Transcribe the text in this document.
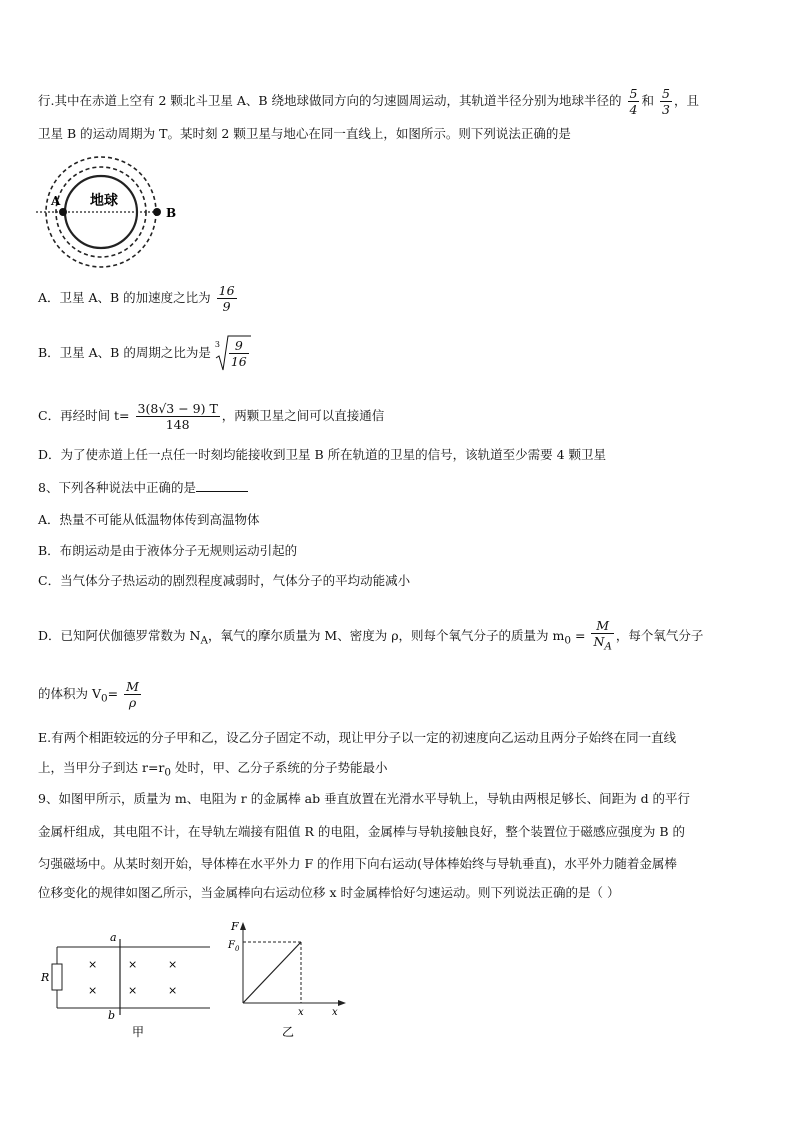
行.其中在赤道上空有 2 颗北斗卫星 A、B 绕地球做同方向的匀速圆周运动，其轨道半径分别为地球半径的 $\frac{5}{4}$ 和 $\frac{5}{3}$ ，且
卫星 B 的运动周期为 T。某时刻 2 颗卫星与地心在同一直线上，如图所示。则下列说法正确的是
地球
A
B
A．卫星 A、B 的加速度之比为 $\frac{16}{9}$
B．卫星 A、B 的周期之比为是
$3 \frac{9}{16}$
C．再经时间 $t= \frac{3(8√3 - 9) T}{148}$ ，两颗卫星之间可以直接通信
D．为了使赤道上任一点任一时刻均能接收到卫星 B 所在轨道的卫星的信号，该轨道至少需要 4 颗卫星
8、下列各种说法中正确的是
A．热量不可能从低温物体传到高温物体
B．布朗运动是由于液体分子无规则运动引起的
C．当气体分子热运动的剧烈程度减弱时，气体分子的平均动能减小
D．已知阿伏伽德罗常数为 $N_A$，氧气的摩尔质量为 M、密度为 ρ，则每个氧气分子的质量为 $m_0 = \frac{M}{N_A}$ ，每个氧气分子
的体积为 $V_0= \frac{M}{\rho}$
E.有两个相距较远的分子甲和乙，设乙分子固定不动，现让甲分子以一定的初速度向乙运动且两分子始终在同一直线
上，当甲分子到达 $r=r_0$ 处时，甲、乙分子系统的分子势能最小
9、如图甲所示，质量为 m、电阻为 r 的金属棒 ab 垂直放置在光滑水平导轨上，导轨由两根足够长、间距为 d 的平行
金属杆组成，其电阻不计，在导轨左端接有阻值 R 的电阻，金属棒与导轨接触良好，整个装置位于磁感应强度为 B 的
匀强磁场中。从某时刻开始，导体棒在水平外力 F 的作用下向右运动(导体棒始终与导轨垂直)，水平外力随着金属棒
位移变化的规律如图乙所示，当金属棒向右运动位移 x 时金属棒恰好匀速运动。则下列说法正确的是（ ）
R
a
b
×	×	×
×	×	×
甲
F
$F_0$
x	x
乙
